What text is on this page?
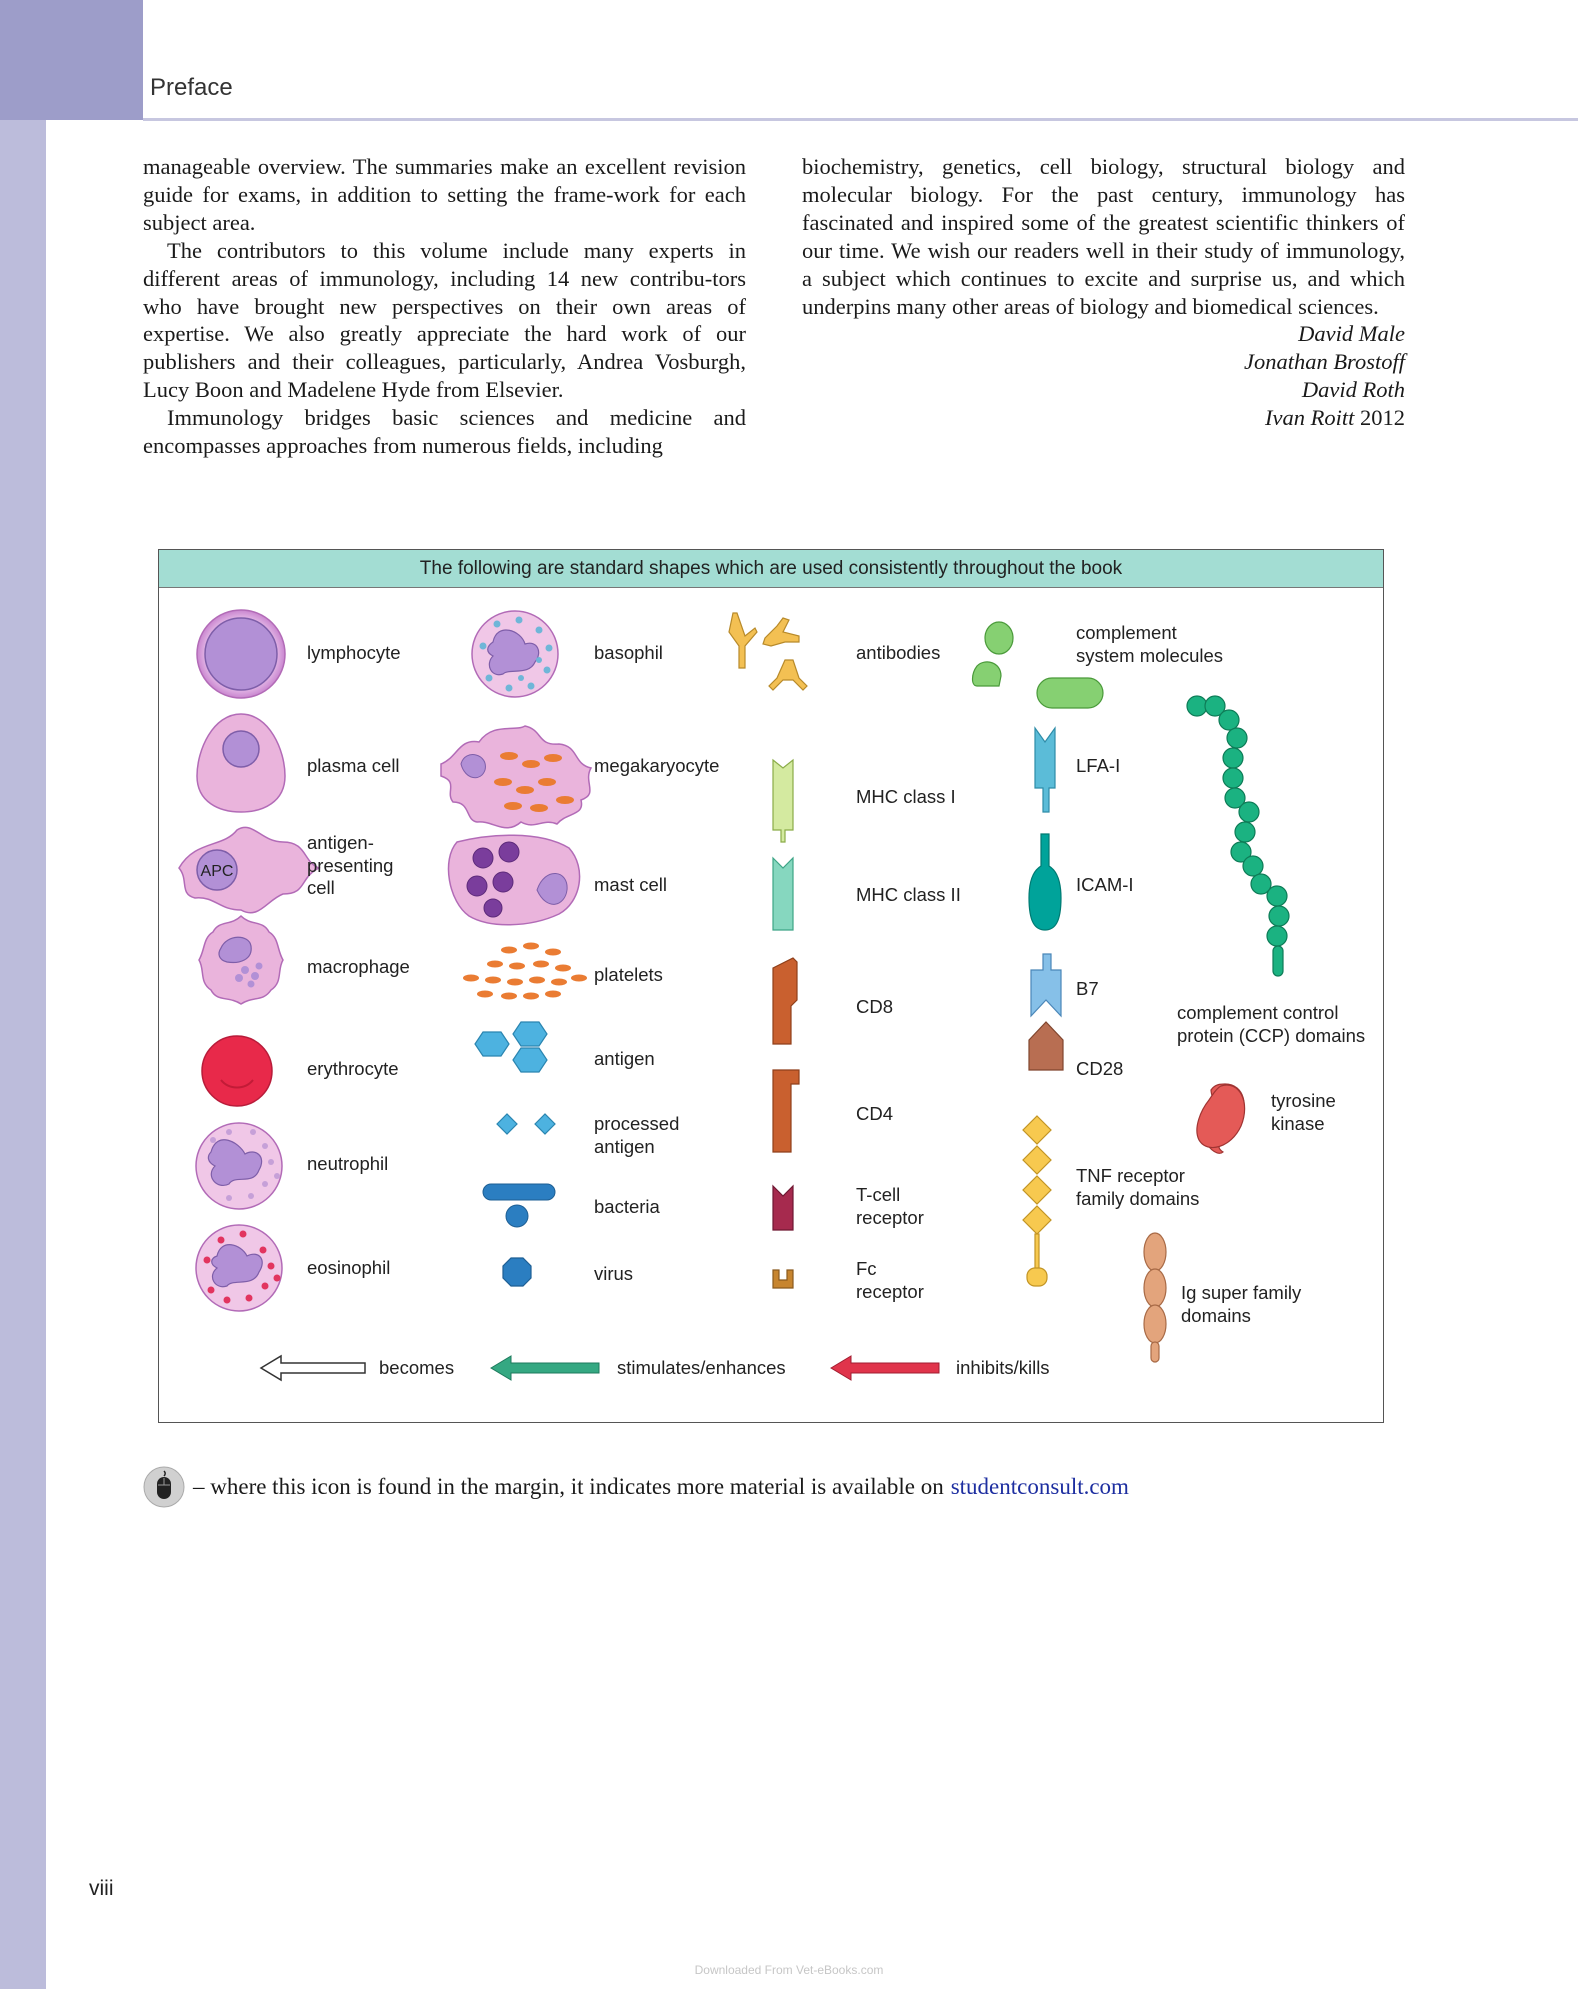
Preface

manageable overview. The summaries make an excellent revision guide for exams, in addition to setting the frame-work for each subject area.

The contributors to this volume include many experts in different areas of immunology, including 14 new contribu-tors who have brought new perspectives on their own areas of expertise. We also greatly appreciate the hard work of our publishers and their colleagues, particularly, Andrea Vosburgh, Lucy Boon and Madelene Hyde from Elsevier.

Immunology bridges basic sciences and medicine and encompasses approaches from numerous fields, including

biochemistry, genetics, cell biology, structural biology and molecular biology. For the past century, immunology has fascinated and inspired some of the greatest scientific thinkers of our time. We wish our readers well in their study of immunology, a subject which continues to excite and surprise us, and which underpins many other areas of biology and biomedical sciences.

David Male
Jonathan Brostoff
David Roth
Ivan Roitt 2012
APC
The following are standard shapes which are used consistently throughout the book
lymphocyte
plasma cell
antigen-
presenting
cell
macrophage
erythrocyte
neutrophil
eosinophil
basophil
megakaryocyte
mast cell
platelets
antigen
processed
antigen
bacteria
virus
antibodies
MHC class I
MHC class II
CD8
CD4
T-cell
receptor
Fc
receptor
complement
system molecules
LFA-I
ICAM-I
B7
CD28
TNF receptor
family domains
complement control
protein (CCP) domains
tyrosine
kinase
Ig super family
domains
becomes	stimulates/enhances	inhibits/kills
– where this icon is found in the margin, it indicates more material is available on studentconsult.com
viii
Downloaded From Vet-eBooks.com
